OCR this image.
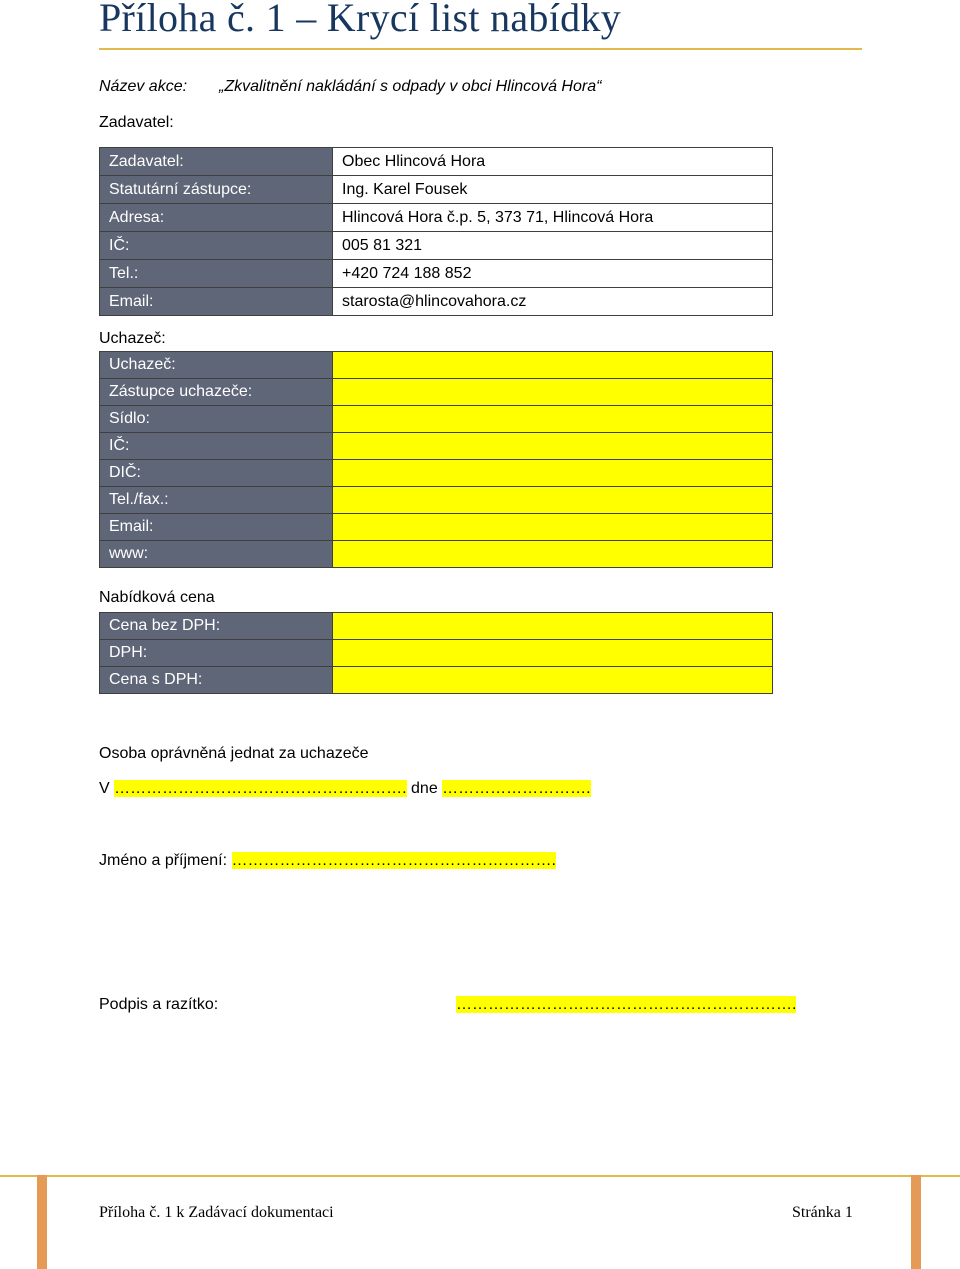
Příloha č. 1 – Krycí list nabídky
Název akce: „Zkvalitnění nakládání s odpady v obci Hlincová Hora“
Zadavatel:
Zadavatel:	Obec Hlincová Hora
Statutární zástupce:	Ing. Karel Fousek
Adresa:	Hlincová Hora č.p. 5, 373 71, Hlincová Hora
IČ:	005 81 321
Tel.:	+420 724 188 852
Email:	starosta@hlincovahora.cz
Uchazeč:
Uchazeč:	
Zástupce uchazeče:	
Sídlo:	
IČ:	
DIČ:	
Tel./fax.:	
Email:	
www:	
Nabídková cena
Cena bez DPH:	
DPH:	
Cena s DPH:	
Osoba oprávněná jednat za uchazeče
V ………………………………………………. dne ……………………….
Jméno a příjmení: …………………………………………………….
Podpis a razítko:	……………………………………………………….
Příloha č. 1 k Zadávací dokumentaci	Stránka 1
